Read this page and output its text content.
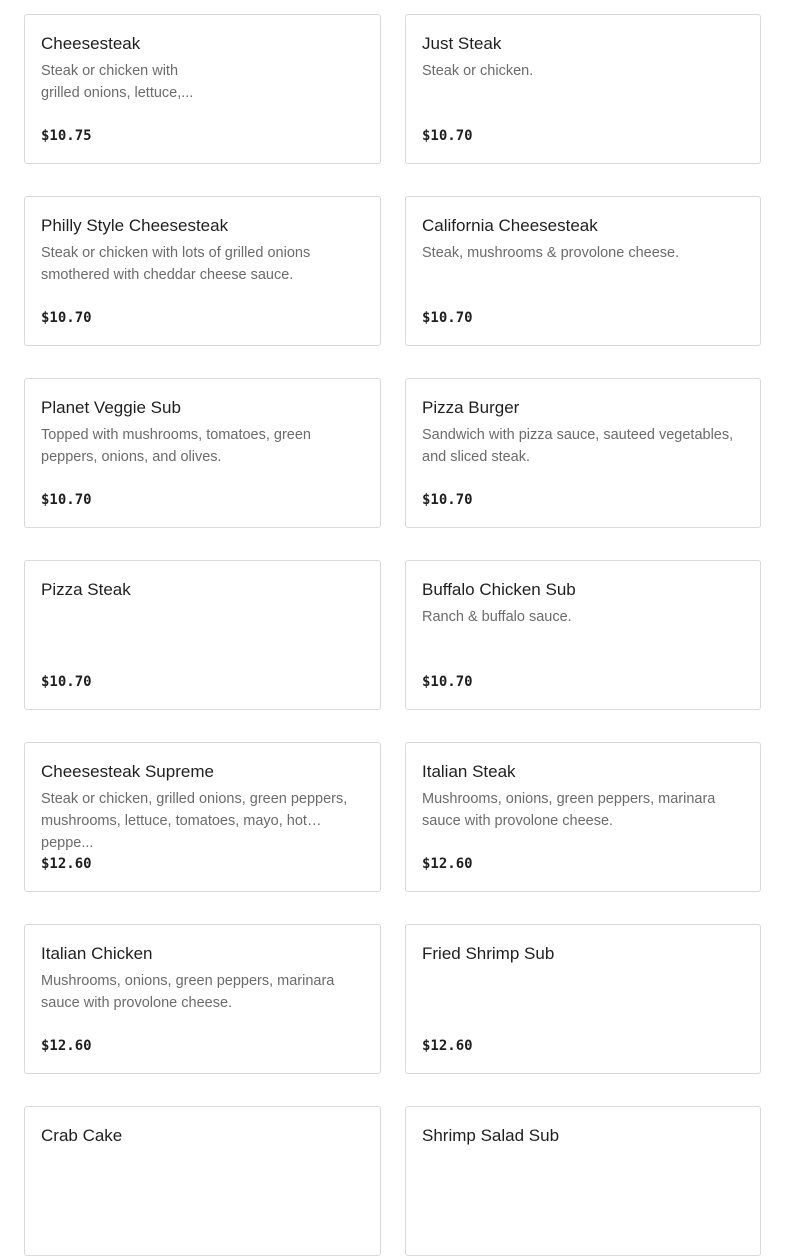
Cheesesteak
Steak or chicken with grilled onions, lettuce,...
$10.75
Just Steak
Steak or chicken.
$10.70
Philly Style Cheesesteak
Steak or chicken with lots of grilled onions smothered with cheddar cheese sauce.
$10.70
California Cheesesteak
Steak, mushrooms & provolone cheese.
$10.70
Planet Veggie Sub
Topped with mushrooms, tomatoes, green peppers, onions, and olives.
$10.70
Pizza Burger
Sandwich with pizza sauce, sauteed vegetables, and sliced steak.
$10.70
Pizza Steak
$10.70
Buffalo Chicken Sub
Ranch & buffalo sauce.
$10.70
Cheesesteak Supreme
Steak or chicken, grilled onions, green peppers, mushrooms, lettuce, tomatoes, mayo, hot peppe...
$12.60
Italian Steak
Mushrooms, onions, green peppers, marinara sauce with provolone cheese.
$12.60
Italian Chicken
Mushrooms, onions, green peppers, marinara sauce with provolone cheese.
$12.60
Fried Shrimp Sub
$12.60
Crab Cake	Shrimp Salad Sub
